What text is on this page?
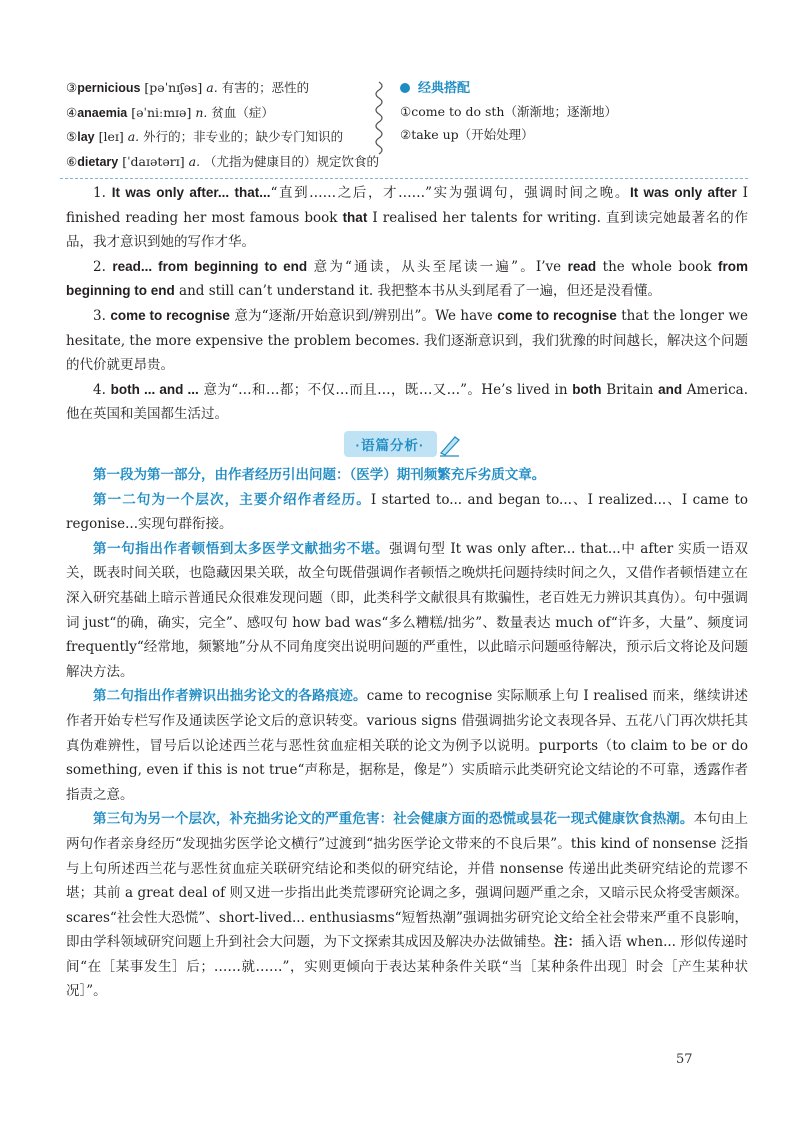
③pernicious [pəˈnɪʃəs] a. 有害的；恶性的
④anaemia [əˈniːmɪə] n. 贫血（症）
⑤lay [leɪ] a. 外行的；非专业的；缺少专门知识的
⑥dietary [ˈdaɪətərɪ] a. （尤指为健康目的）规定饮食的
经典搭配
①come to do sth（渐渐地；逐渐地）
②take up（开始处理）

1. It was only after... that...“直到……之后，才……”实为强调句，强调时间之晚。It was only after I finished reading her most famous book that I realised her talents for writing. 直到读完她最著名的作品，我才意识到她的写作才华。

2. read... from beginning to end 意为“通读，从头至尾读一遍”。I’ve read the whole book from beginning to end and still can’t understand it. 我把整本书从头到尾看了一遍，但还是没看懂。

3. come to recognise 意为“逐渐/开始意识到/辨别出”。We have come to recognise that the longer we hesitate, the more expensive the problem becomes. 我们逐渐意识到，我们犹豫的时间越长，解决这个问题的代价就更昂贵。

4. both ... and ... 意为“…和…都；不仅…而且…，既…又…”。He’s lived in both Britain and America. 他在英国和美国都生活过。

·语篇分析·

第一段为第一部分，由作者经历引出问题：（医学）期刊频繁充斥劣质文章。

第一二句为一个层次，主要介绍作者经历。I started to... and began to...、I realized...、I came to regonise...实现句群衔接。

第一句指出作者顿悟到太多医学文献拙劣不堪。强调句型 It was only after... that...中 after 实质一语双关，既表时间关联，也隐藏因果关联，故全句既借强调作者顿悟之晚烘托问题持续时间之久，又借作者顿悟建立在深入研究基础上暗示普通民众很难发现问题（即，此类科学文献很具有欺骗性，老百姓无力辨识其真伪）。句中强调词 just“的确，确实，完全”、感叹句 how bad was“多么糟糕/拙劣”、数量表达 much of“许多，大量”、频度词 frequently“经常地，频繁地”分从不同角度突出说明问题的严重性，以此暗示问题亟待解决，预示后文将论及问题解决方法。

第二句指出作者辨识出拙劣论文的各路痕迹。came to recognise 实际顺承上句 I realised 而来，继续讲述作者开始专栏写作及通读医学论文后的意识转变。various signs 借强调拙劣论文表现各异、五花八门再次烘托其真伪难辨性，冒号后以论述西兰花与恶性贫血症相关联的论文为例予以说明。purports（to claim to be or do something, even if this is not true“声称是，据称是，像是”）实质暗示此类研究论文结论的不可靠，透露作者指责之意。

第三句为另一个层次，补充拙劣论文的严重危害：社会健康方面的恐慌或昙花一现式健康饮食热潮。本句由上两句作者亲身经历“发现拙劣医学论文横行”过渡到“拙劣医学论文带来的不良后果”。this kind of nonsense 泛指与上句所述西兰花与恶性贫血症关联研究结论和类似的研究结论，并借 nonsense 传递出此类研究结论的荒谬不堪；其前 a great deal of 则又进一步指出此类荒谬研究论调之多，强调问题严重之余，又暗示民众将受害颇深。scares“社会性大恐慌”、short-lived... enthusiasms“短暂热潮”强调拙劣研究论文给全社会带来严重不良影响，即由学科领域研究问题上升到社会大问题，为下文探索其成因及解决办法做铺垫。注：插入语 when... 形似传递时间“在［某事发生］后；……就……”，实则更倾向于表达某种条件关联“当［某种条件出现］时会［产生某种状况］”。

57
